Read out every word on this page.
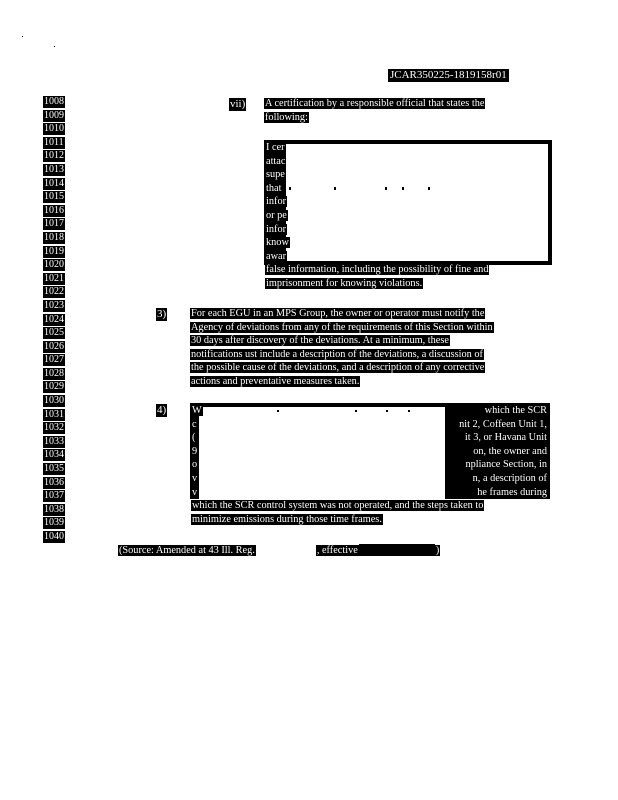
JCAR350225-1819158r01
1008
1009
1010
1011
1012
1013
1014
1015
1016
1017
1018
1019
1020
1021
1022
1023
1024
1025
1026
1027
1028
1029
1030
1031
1032
1033
1034
1035
1036
1037
1038
1039
1040
vii) A certification by a responsible official that states the
following:
I cer
attac
supe
that
infor
or pe
infor
know
awar
false information, including the possibility of fine and
imprisonment for knowing violations.
3) For each EGU in an MPS Group, the owner or operator must notify the
Agency of deviations from any of the requirements of this Section within
30 days after discovery of the deviations. At a minimum, these
notifications ust include a description of the deviations, a discussion of
the possible cause of the deviations, and a description of any corrective
actions and preventative measures taken.
4)	W
c
(
9
o
v
v
which the SCR
nit 2, Coffeen Unit 1,
it 3, or Havana Unit
on, the owner and
npliance Section, in
n, a description of
he frames during
which the SCR control system was not operated, and the steps taken to
minimize emissions during those time frames.
(Source: Amended at 43 Ill. Reg.	, effective	)
